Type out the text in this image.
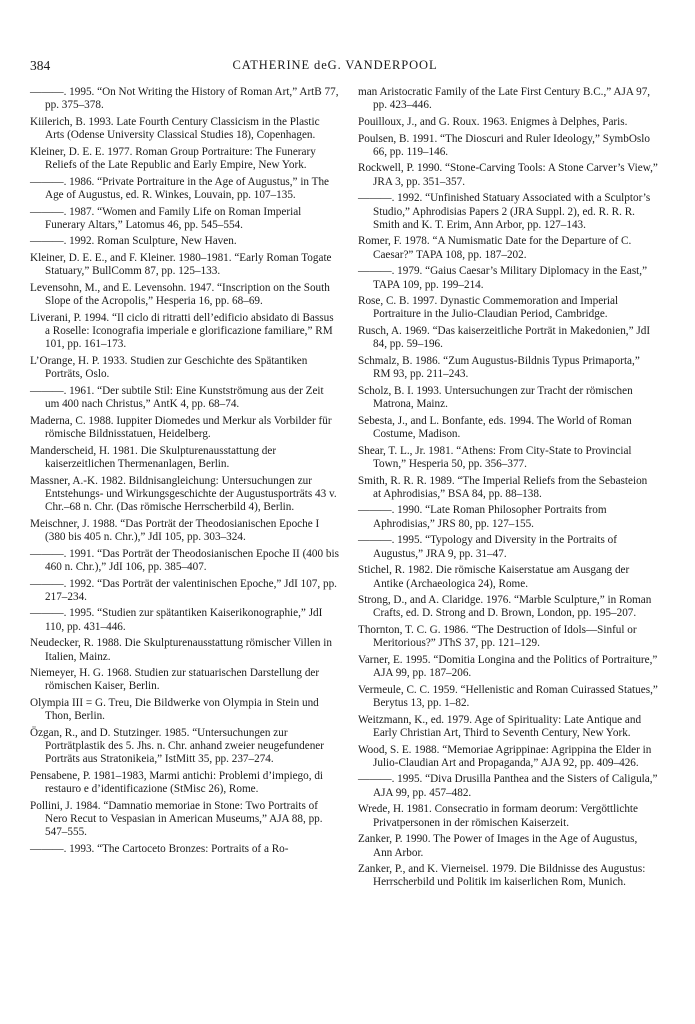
384	CATHERINE deG. VANDERPOOL

———. 1995. “On Not Writing the History of Roman Art,” ArtB 77, pp. 375–378.

Kiilerich, B. 1993. Late Fourth Century Classicism in the Plastic Arts (Odense University Classical Studies 18), Copenhagen.

Kleiner, D. E. E. 1977. Roman Group Portraiture: The Funerary Reliefs of the Late Republic and Early Empire, New York.

———. 1986. “Private Portraiture in the Age of Augustus,” in The Age of Augustus, ed. R. Winkes, Louvain, pp. 107–135.

———. 1987. “Women and Family Life on Roman Imperial Funerary Altars,” Latomus 46, pp. 545–554.

———. 1992. Roman Sculpture, New Haven.

Kleiner, D. E. E., and F. Kleiner. 1980–1981. “Early Roman Togate Statuary,” BullComm 87, pp. 125–133.

Levensohn, M., and E. Levensohn. 1947. “Inscription on the South Slope of the Acropolis,” Hesperia 16, pp. 68–69.

Liverani, P. 1994. “Il ciclo di ritratti dell’edificio absidato di Bassus a Roselle: Iconografia imperiale e glorificazione familiare,” RM 101, pp. 161–173.

L’Orange, H. P. 1933. Studien zur Geschichte des Spätantiken Porträts, Oslo.

———. 1961. “Der subtile Stil: Eine Kunstströmung aus der Zeit um 400 nach Christus,” AntK 4, pp. 68–74.

Maderna, C. 1988. Iuppiter Diomedes und Merkur als Vorbilder für römische Bildnisstatuen, Heidelberg.

Manderscheid, H. 1981. Die Skulpturenausstattung der kaiserzeitlichen Thermenanlagen, Berlin.

Massner, A.-K. 1982. Bildnisangleichung: Untersuchungen zur Entstehungs- und Wirkungsgeschichte der Augustusporträts 43 v. Chr.–68 n. Chr. (Das römische Herrscherbild 4), Berlin.

Meischner, J. 1988. “Das Porträt der Theodosianischen Epoche I (380 bis 405 n. Chr.),” JdI 105, pp. 303–324.

———. 1991. “Das Porträt der Theodosianischen Epoche II (400 bis 460 n. Chr.),” JdI 106, pp. 385–407.

———. 1992. “Das Porträt der valentinischen Epoche,” JdI 107, pp. 217–234.

———. 1995. “Studien zur spätantiken Kaiserikonographie,” JdI 110, pp. 431–446.

Neudecker, R. 1988. Die Skulpturenausstattung römischer Villen in Italien, Mainz.

Niemeyer, H. G. 1968. Studien zur statuarischen Darstellung der römischen Kaiser, Berlin.

Olympia III = G. Treu, Die Bildwerke von Olympia in Stein und Thon, Berlin.

Özgan, R., and D. Stutzinger. 1985. “Untersuchungen zur Porträtplastik des 5. Jhs. n. Chr. anhand zweier neugefundener Porträts aus Stratonikeia,” IstMitt 35, pp. 237–274.

Pensabene, P. 1981–1983, Marmi antichi: Problemi d’impiego, di restauro e d’identificazione (StMisc 26), Rome.

Pollini, J. 1984. “Damnatio memoriae in Stone: Two Portraits of Nero Recut to Vespasian in American Museums,” AJA 88, pp. 547–555.

———. 1993. “The Cartoceto Bronzes: Portraits of a Ro-

man Aristocratic Family of the Late First Century B.C.,” AJA 97, pp. 423–446.

Pouilloux, J., and G. Roux. 1963. Enigmes à Delphes, Paris.

Poulsen, B. 1991. “The Dioscuri and Ruler Ideology,” SymbOslo 66, pp. 119–146.

Rockwell, P. 1990. “Stone-Carving Tools: A Stone Carver’s View,” JRA 3, pp. 351–357.

———. 1992. “Unfinished Statuary Associated with a Sculptor’s Studio,” Aphrodisias Papers 2 (JRA Suppl. 2), ed. R. R. R. Smith and K. T. Erim, Ann Arbor, pp. 127–143.

Romer, F. 1978. “A Numismatic Date for the Departure of C. Caesar?” TAPA 108, pp. 187–202.

———. 1979. “Gaius Caesar’s Military Diplomacy in the East,” TAPA 109, pp. 199–214.

Rose, C. B. 1997. Dynastic Commemoration and Imperial Portraiture in the Julio-Claudian Period, Cambridge.

Rusch, A. 1969. “Das kaiserzeitliche Porträt in Makedonien,” JdI 84, pp. 59–196.

Schmalz, B. 1986. “Zum Augustus-Bildnis Typus Primaporta,” RM 93, pp. 211–243.

Scholz, B. I. 1993. Untersuchungen zur Tracht der römischen Matrona, Mainz.

Sebesta, J., and L. Bonfante, eds. 1994. The World of Roman Costume, Madison.

Shear, T. L., Jr. 1981. “Athens: From City-State to Provincial Town,” Hesperia 50, pp. 356–377.

Smith, R. R. R. 1989. “The Imperial Reliefs from the Sebasteion at Aphrodisias,” BSA 84, pp. 88–138.

———. 1990. “Late Roman Philosopher Portraits from Aphrodisias,” JRS 80, pp. 127–155.

———. 1995. “Typology and Diversity in the Portraits of Augustus,” JRA 9, pp. 31–47.

Stichel, R. 1982. Die römische Kaiserstatue am Ausgang der Antike (Archaeologica 24), Rome.

Strong, D., and A. Claridge. 1976. “Marble Sculpture,” in Roman Crafts, ed. D. Strong and D. Brown, London, pp. 195–207.

Thornton, T. C. G. 1986. “The Destruction of Idols—Sinful or Meritorious?” JThS 37, pp. 121–129.

Varner, E. 1995. “Domitia Longina and the Politics of Portraiture,” AJA 99, pp. 187–206.

Vermeule, C. C. 1959. “Hellenistic and Roman Cuirassed Statues,” Berytus 13, pp. 1–82.

Weitzmann, K., ed. 1979. Age of Spirituality: Late Antique and Early Christian Art, Third to Seventh Century, New York.

Wood, S. E. 1988. “Memoriae Agrippinae: Agrippina the Elder in Julio-Claudian Art and Propaganda,” AJA 92, pp. 409–426.

———. 1995. “Diva Drusilla Panthea and the Sisters of Caligula,” AJA 99, pp. 457–482.

Wrede, H. 1981. Consecratio in formam deorum: Vergöttlichte Privatpersonen in der römischen Kaiserzeit.

Zanker, P. 1990. The Power of Images in the Age of Augustus, Ann Arbor.

Zanker, P., and K. Vierneisel. 1979. Die Bildnisse des Augustus: Herrscherbild und Politik im kaiserlichen Rom, Munich.
